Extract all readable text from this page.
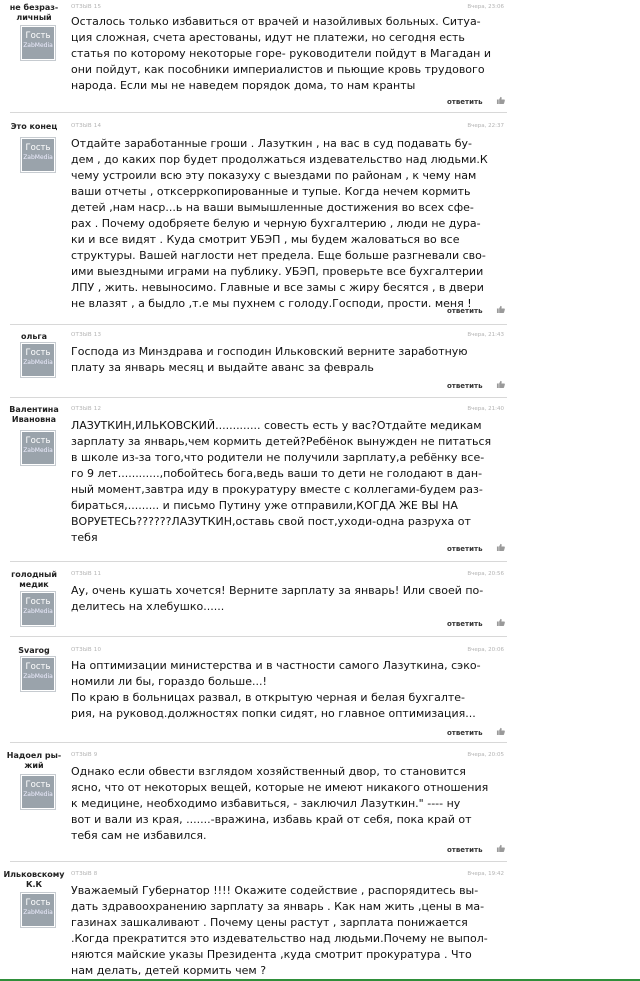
не безраз-
личный
Гость
ZabMedia
ОТЗЫВ 15	Вчера, 23:06
Осталось только избавиться от врачей и назойливых больных. Ситуа-
ция сложная, счета арестованы, идут не платежи, но сегодня есть
статья по которому некоторые горе- руководители пойдут в Магадан и
они пойдут, как пособники империалистов и пьющие кровь трудового
народа. Если мы не наведем порядок дома, то нам кранты
ответить
Это конец
Гость
ZabMedia
ОТЗЫВ 14	Вчера, 22:37
Отдайте заработанные гроши . Лазуткин , на вас в суд подавать бу-
дем , до каких пор будет продолжаться издевательство над людьми.К
чему устроили всю эту показуху с выездами по районам , к чему нам
ваши отчеты , отксерркопированные и тупые. Когда нечем кормить
детей ,нам наср...ь на ваши вымышленные достижения во всех сфе-
рах . Почему одобряете белую и черную бухгалтерию , люди не дура-
ки и все видят . Куда смотрит УБЭП , мы будем жаловаться во все
структуры. Вашей наглости нет предела. Еще больше разгневали сво-
ими выездными играми на публику. УБЭП, проверьте все бухгалтерии
ЛПУ , жить. невыносимо. Главные и все замы с жиру бесятся , в двери
не влазят , а быдло ,т.е мы пухнем с голоду.Господи, прости. меня !
ответить
ольга
Гость
ZabMedia
ОТЗЫВ 13	Вчера, 21:43
Господа из Минздрава и господин Ильковский верните заработную
плату за январь месяц и выдайте аванс за февраль
ответить
Валентина
Ивановна
Гость
ZabMedia
ОТЗЫВ 12	Вчера, 21:40
ЛАЗУТКИН,ИЛЬКОВСКИЙ............. совесть есть у вас?Отдайте медикам
зарплату за январь,чем кормить детей?Ребёнок вынужден не питаться
в школе из-за того,что родители не получили зарплату,а ребёнку все-
го 9 лет............,побойтесь бога,ведь ваши то дети не голодают в дан-
ный момент,завтра иду в прокуратуру вместе с коллегами-будем раз-
бираться,......... и письмо Путину уже отправили,КОГДА ЖЕ ВЫ НА
ВОРУЕТЕСЬ??????ЛАЗУТКИН,оставь свой пост,уходи-одна разруха от
тебя
ответить
голодный
медик
Гость
ZabMedia
ОТЗЫВ 11	Вчера, 20:56
Ау, очень кушать хочется! Верните зарплату за январь! Или своей по-
делитесь на хлебушко......
ответить
Svarog
Гость
ZabMedia
ОТЗЫВ 10	Вчера, 20:06
На оптимизации министерства и в частности самого Лазуткина, сэко-
номили ли бы, гораздо больше...!
По краю в больницах развал, в открытую черная и белая бухгалте-
рия, на руковод.должностях попки сидят, но главное оптимизация...
ответить
Надоел ры-
жий
Гость
ZabMedia
ОТЗЫВ 9	Вчера, 20:05
Однако если обвести взглядом хозяйственный двор, то становится
ясно, что от некоторых вещей, которые не имеют никакого отношения
к медицине, необходимо избавиться, - заключил Лазуткин." ---- ну
вот и вали из края, .......-вражина, избавь край от себя, пока край от
тебя сам не избавился.
ответить
Ильковскому
К.К
Гость
ZabMedia
ОТЗЫВ 8	Вчера, 19:42
Уважаемый Губернатор !!!! Окажите содействие , распорядитесь вы-
дать здравоохранению зарплату за январь . Как нам жить ,цены в ма-
газинах зашкаливают . Почему цены растут , зарплата понижается
.Когда прекратится это издевательство над людьми.Почему не выпол-
няются майские указы Президента ,куда смотрит прокуратура . Что
нам делать, детей кормить чем ?
